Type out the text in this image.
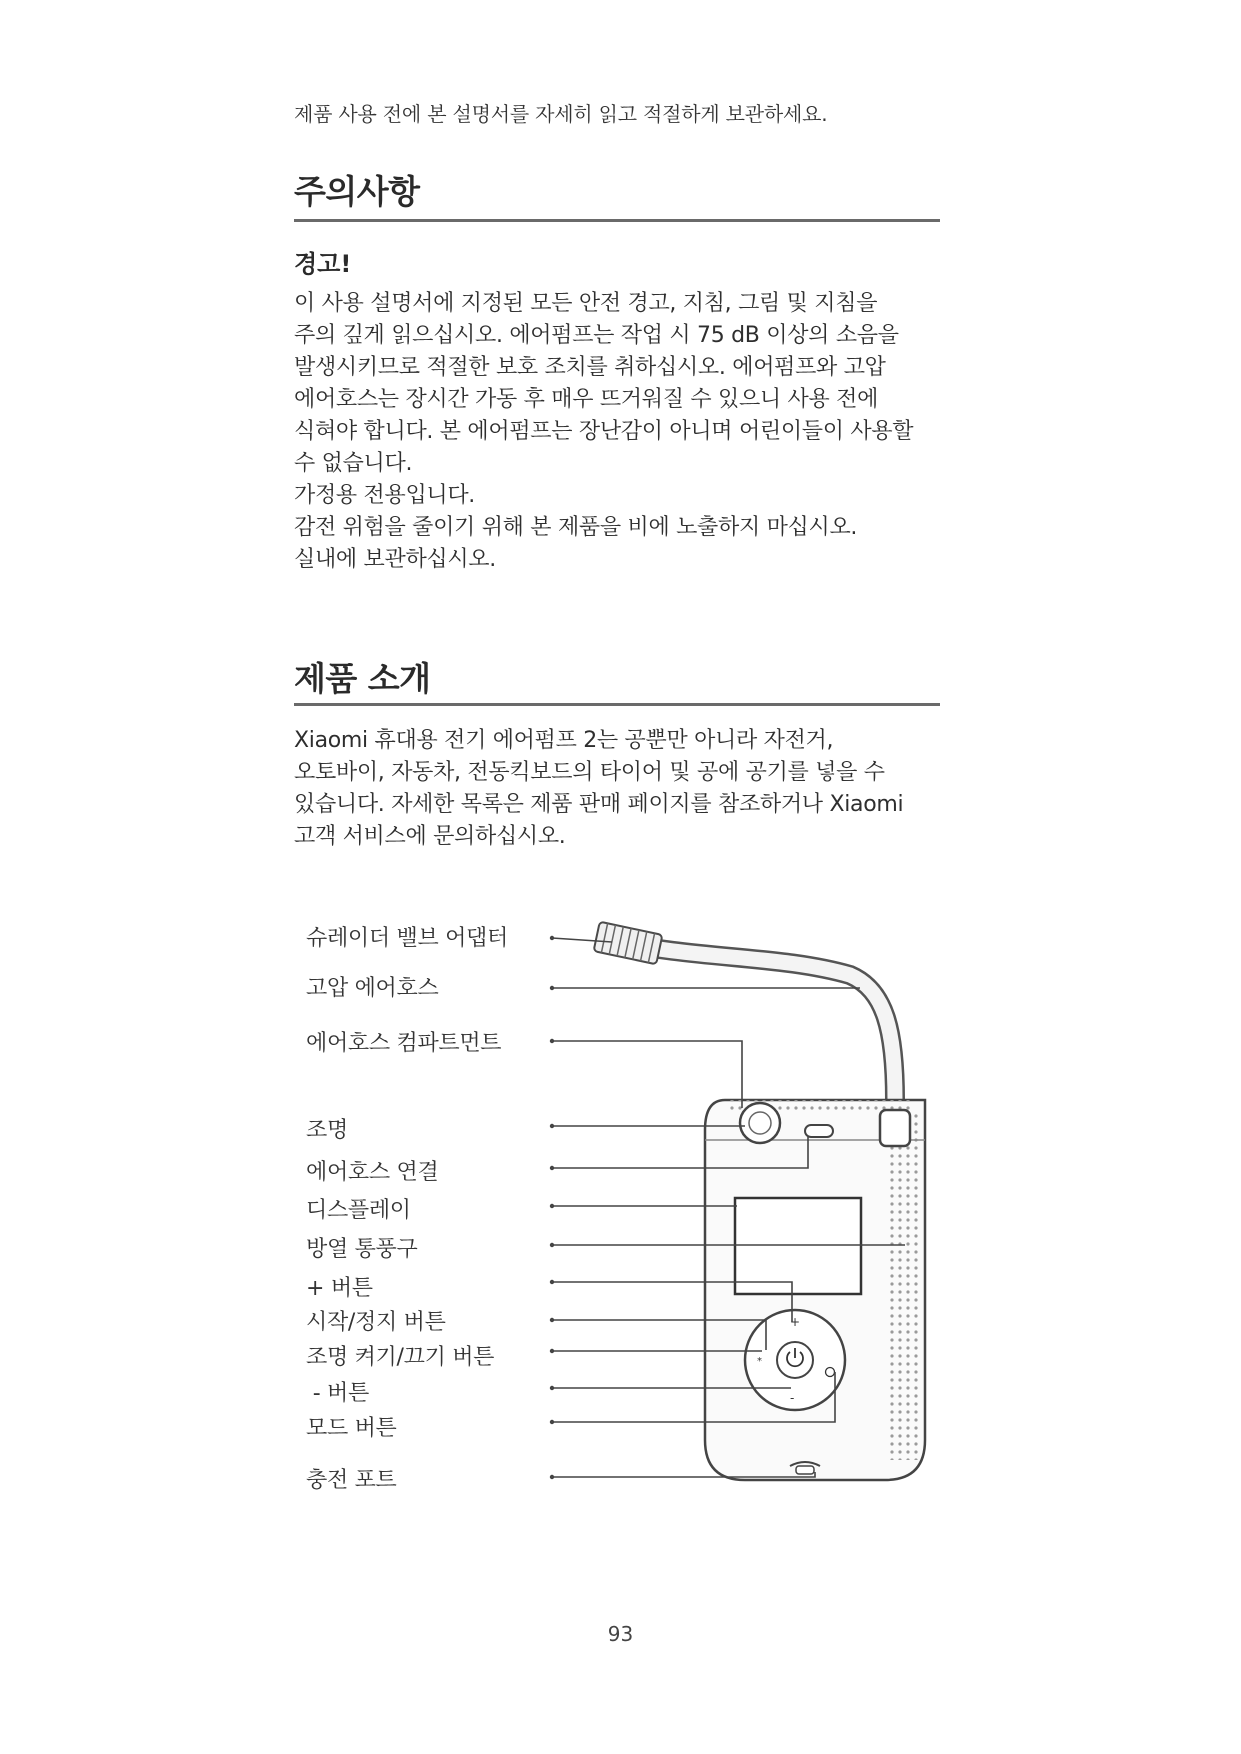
제품 사용 전에 본 설명서를 자세히 읽고 적절하게 보관하세요.
주의사항
경고!
이 사용 설명서에 지정된 모든 안전 경고, 지침, 그림 및 지침을
주의 깊게 읽으십시오. 에어펌프는 작업 시 75 dB 이상의 소음을
발생시키므로 적절한 보호 조치를 취하십시오. 에어펌프와 고압
에어호스는 장시간 가동 후 매우 뜨거워질 수 있으니 사용 전에
식혀야 합니다. 본 에어펌프는 장난감이 아니며 어린이들이 사용할
수 없습니다.
가정용 전용입니다.
감전 위험을 줄이기 위해 본 제품을 비에 노출하지 마십시오.
실내에 보관하십시오.
제품 소개
Xiaomi 휴대용 전기 에어펌프 2는 공뿐만 아니라 자전거,
오토바이, 자동차, 전동킥보드의 타이어 및 공에 공기를 넣을 수
있습니다. 자세한 목록은 제품 판매 페이지를 참조하거나 Xiaomi
고객 서비스에 문의하십시오.
슈레이더 밸브 어댑터
고압 에어호스
에어호스 컴파트먼트
조명
에어호스 연결
디스플레이
방열 통풍구
+ 버튼
시작/정지 버튼
조명 켜기/끄기 버튼
- 버튼
모드 버튼
충전 포트
+
-
*
93
